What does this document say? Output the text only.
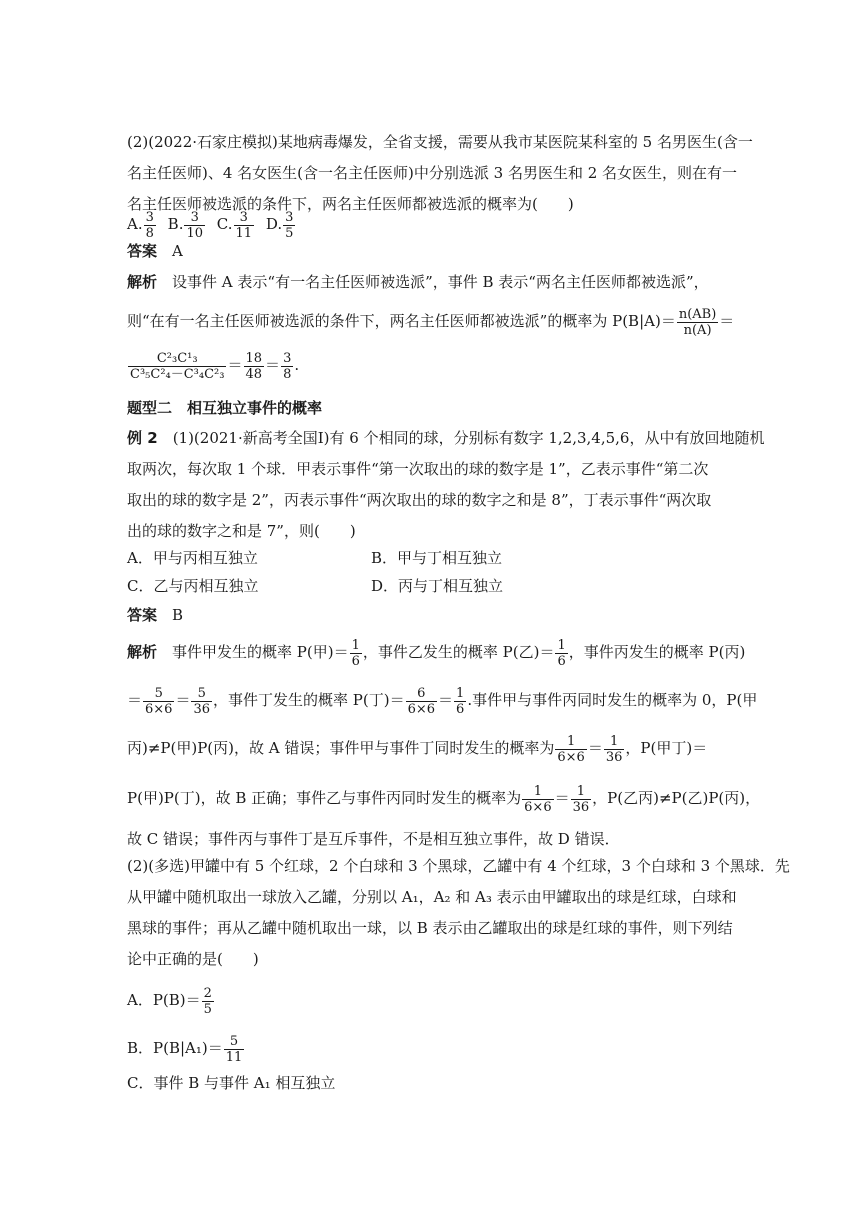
(2)(2022·石家庄模拟)某地病毒爆发，全省支援，需要从我市某医院某科室的 5 名男医生(含一
名主任医师)、4 名女医生(含一名主任医师)中分别选派 3 名男医生和 2 名女医生，则在有一
名主任医师被选派的条件下，两名主任医师都被选派的概率为(　　)
A. $\frac{3}{8} B$. $\frac{3}{10} C$. $\frac{3}{11} D$. $\frac{3}{5}$
答案　 A
解析　 设事件 A 表示“有一名主任医师被选派”，事件 B 表示“两名主任医师都被选派”，
则“在有一名主任医师被选派的条件下，两名主任医师都被选派”的概率为 $P(B|A)= \frac{n(AB)}{n(A)}$ ＝
$\frac{\text{C²₃C¹₃}}{\text{C³₅C²₄－C³₄C²₃}} = \frac{18}{48} = \frac{3}{8}$ .
题型二　 相互独立事件的概率
例 2　 (1)(2021·新高考全国Ⅰ)有 6 个相同的球，分别标有数字 1,2,3,4,5,6，从中有放回地随机
取两次，每次取 1 个球．甲表示事件“第一次取出的球的数字是 1”，乙表示事件“第二次
取出的球的数字是 2”，丙表示事件“两次取出的球的数字之和是 8”，丁表示事件“两次取
出的球的数字之和是 7”，则(　　)
A．甲与丙相互独立	B．甲与丁相互独立
C．乙与丙相互独立	D．丙与丁相互独立
答案　 B
解析　 事件甲发生的概率 P(甲)＝ $\frac{1}{6}$ ，事件乙发生的概率 P(乙)＝ $\frac{1}{6}$ ，事件丙发生的概率 P(丙)
＝ $\frac{5}{6\times 6} = \frac{5}{36}$ ，事件丁发生的概率 P(丁)＝ $\frac{6}{6\times 6} = \frac{1}{6}$ .事件甲与事件丙同时发生的概率为 0，P(甲
丙)≠P(甲)P(丙)，故 A 错误；事件甲与事件丁同时发生的概率为 $\frac{1}{6\times 6} = \frac{1}{36}$ ，P(甲丁)＝
P(甲)P(丁)，故 B 正确；事件乙与事件丙同时发生的概率为 $\frac{1}{6\times 6} = \frac{1}{36}$ ，P(乙丙)≠P(乙)P(丙)，
故 C 错误；事件丙与事件丁是互斥事件，不是相互独立事件，故 D 错误．
(2)(多选)甲罐中有 5 个红球，2 个白球和 3 个黑球，乙罐中有 4 个红球，3 个白球和 3 个黑球．先
从甲罐中随机取出一球放入乙罐，分别以 A₁，A₂ 和 A₃ 表示由甲罐取出的球是红球，白球和
黑球的事件；再从乙罐中随机取出一球，以 B 表示由乙罐取出的球是红球的事件，则下列结
论中正确的是(　　)
A．$P(B)= \frac{2}{5}$
B．$P(B|A_1)= \frac{5}{11}$
C．事件 B 与事件 A₁ 相互独立
